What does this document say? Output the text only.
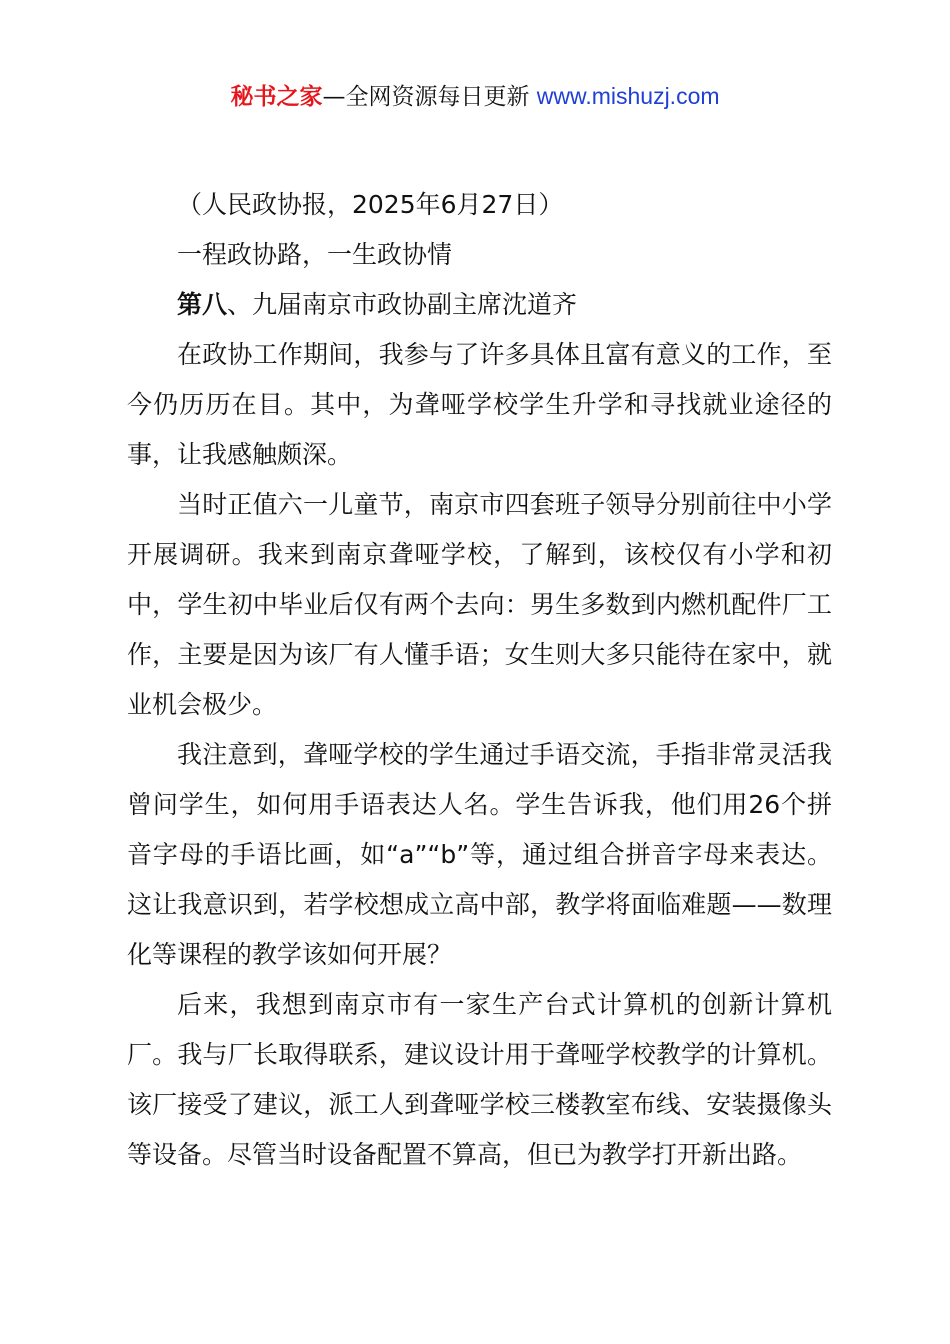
秘书之家—全网资源每日更新 www.mishuzj.com

（人民政协报，2025年6月27日）

一程政协路，一生政协情

第八、九届南京市政协副主席沈道齐

在政协工作期间，我参与了许多具体且富有意义的工作，至今仍历历在目。其中，为聋哑学校学生升学和寻找就业途径的事，让我感触颇深。

当时正值六一儿童节，南京市四套班子领导分别前往中小学开展调研。我来到南京聋哑学校，了解到，该校仅有小学和初中，学生初中毕业后仅有两个去向：男生多数到内燃机配件厂工作，主要是因为该厂有人懂手语；女生则大多只能待在家中，就业机会极少。

我注意到，聋哑学校的学生通过手语交流，手指非常灵活我曾问学生，如何用手语表达人名。学生告诉我，他们用26个拼音字母的手语比画，如“a”“b”等，通过组合拼音字母来表达。这让我意识到，若学校想成立高中部，教学将面临难题——数理化等课程的教学该如何开展？

后来，我想到南京市有一家生产台式计算机的创新计算机厂。我与厂长取得联系，建议设计用于聋哑学校教学的计算机。该厂接受了建议，派工人到聋哑学校三楼教室布线、安装摄像头等设备。尽管当时设备配置不算高，但已为教学打开新出路。
